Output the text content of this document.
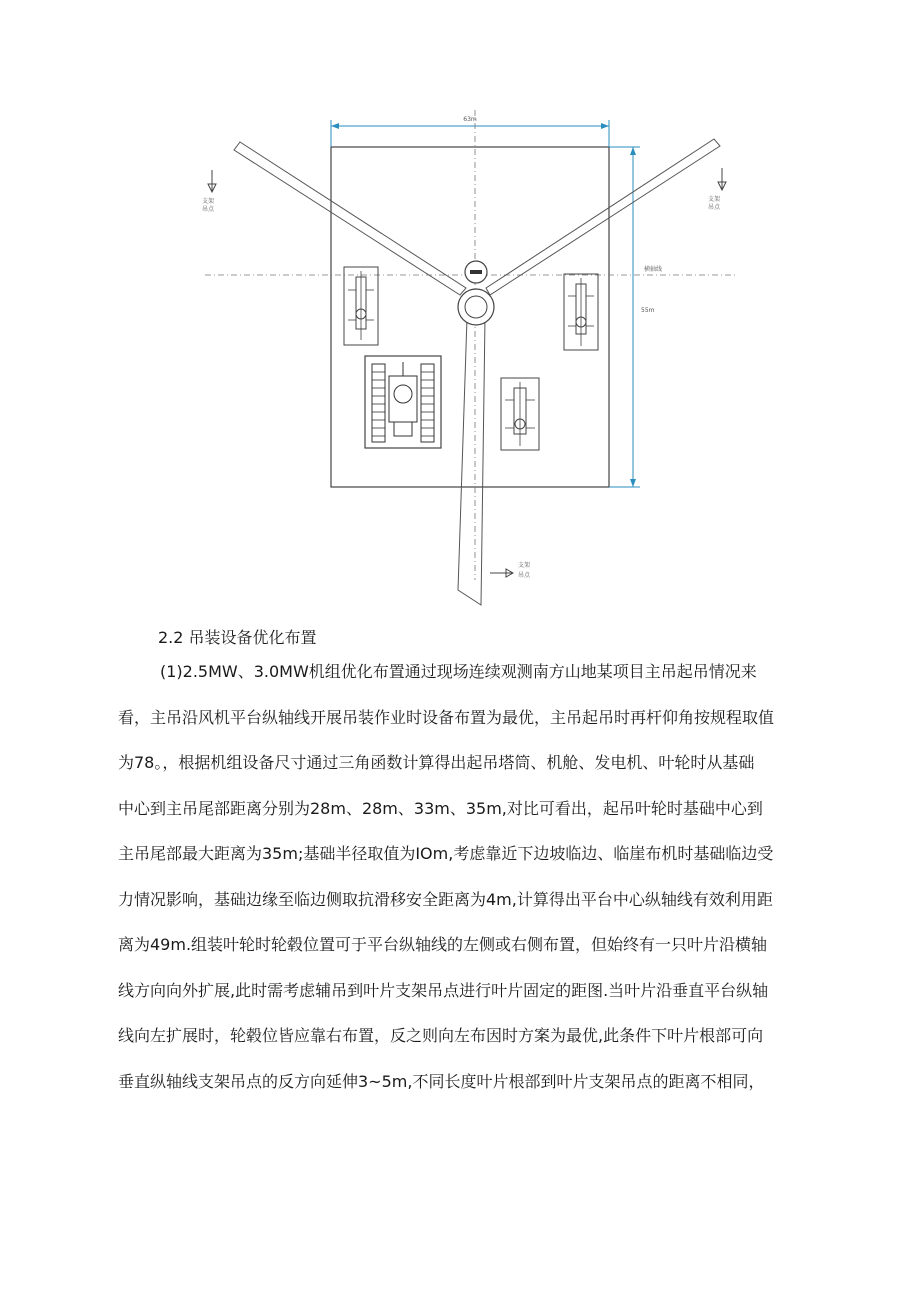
63m
55m
横轴线
支架
吊点
支架
吊点
支架
吊点
2.2 吊装设备优化布置

(1)2.5MW、3.0MW机组优化布置通过现场连续观测南方山地某项目主吊起吊情况来
看，主吊沿风机平台纵轴线开展吊装作业时设备布置为最优，主吊起吊时再杆仰角按规程取值
为78。，根据机组设备尺寸通过三角函数计算得出起吊塔筒、机舱、发电机、叶轮时从基础
中心到主吊尾部距离分别为28m、28m、33m、35m,对比可看出，起吊叶轮时基础中心到
主吊尾部最大距离为35m;基础半径取值为IOm,考虑靠近下边坡临边、临崖布机时基础临边受
力情况影响，基础边缘至临边侧取抗滑移安全距离为4m,计算得出平台中心纵轴线有效利用距
离为49m.组装叶轮时轮毂位置可于平台纵轴线的左侧或右侧布置，但始终有一只叶片沿横轴
线方向向外扩展,此时需考虑辅吊到叶片支架吊点进行叶片固定的距图.当叶片沿垂直平台纵轴
线向左扩展时，轮毂位皆应靠右布置，反之则向左布因时方案为最优,此条件下叶片根部可向
垂直纵轴线支架吊点的反方向延伸3~5m,不同长度叶片根部到叶片支架吊点的距离不相同，
